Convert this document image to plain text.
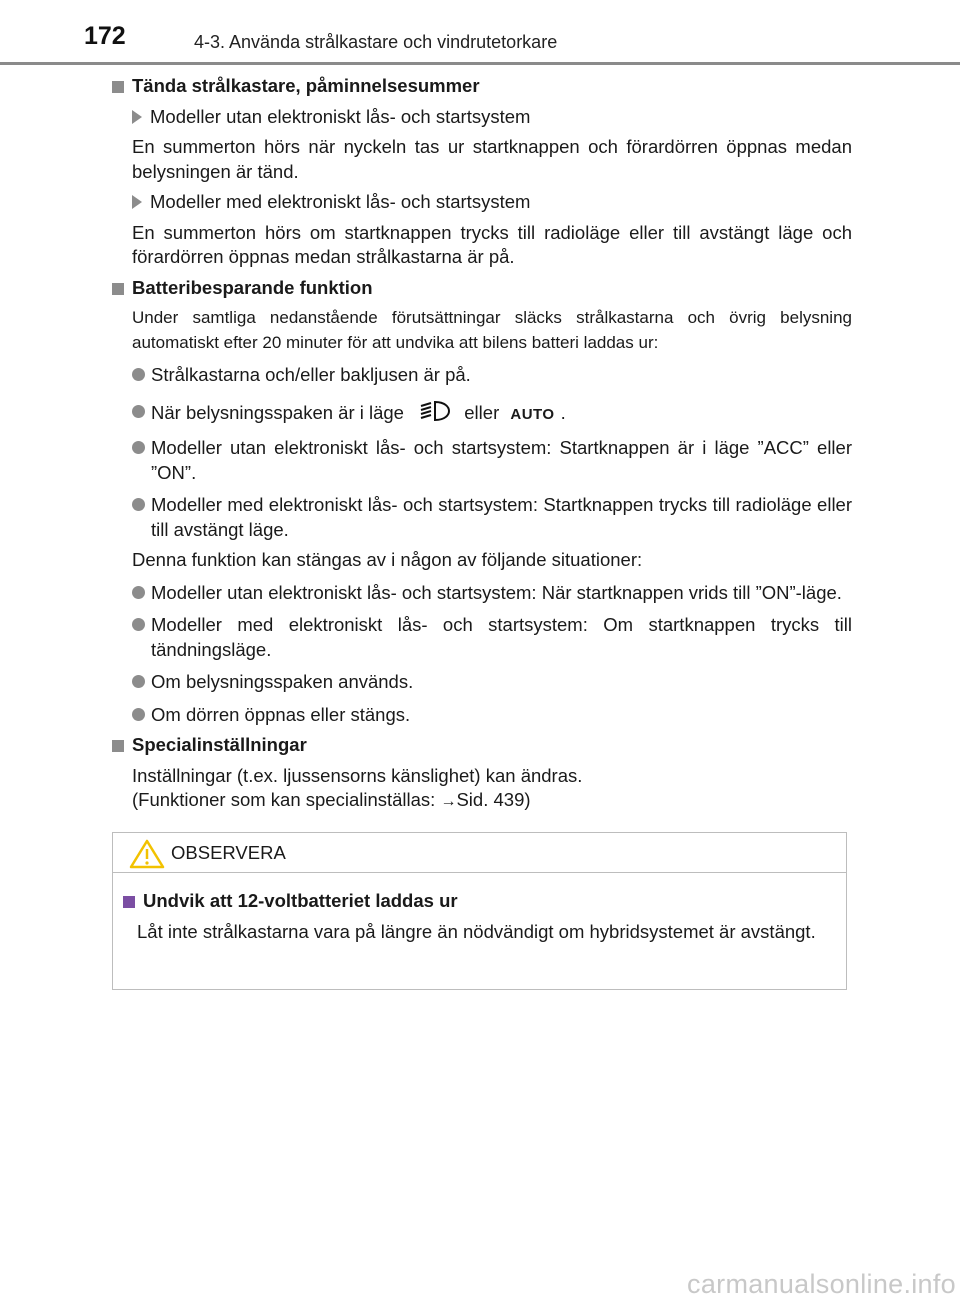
172	4-3. Använda strålkastare och vindrutetorkare
Tända strålkastare, påminnelsesummer
Modeller utan elektroniskt lås- och startsystem

En summerton hörs när nyckeln tas ur startknappen och förardörren öppnas medan belysningen är tänd.

Modeller med elektroniskt lås- och startsystem

En summerton hörs om startknappen trycks till radioläge eller till avstängt läge och förardörren öppnas medan strålkastarna är på.

Batteribesparande funktion

Under samtliga nedanstående förutsättningar släcks strålkastarna och övrig belysning automatiskt efter 20 minuter för att undvika att bilens batteri laddas ur:

Strålkastarna och/eller bakljusen är på.
När belysningsspaken är i läge	eller AUTO .
Modeller utan elektroniskt lås- och startsystem: Startknappen är i läge ”ACC” eller ”ON”.
Modeller med elektroniskt lås- och startsystem: Startknappen trycks till radioläge eller till avstängt läge.

Denna funktion kan stängas av i någon av följande situationer:

Modeller utan elektroniskt lås- och startsystem: När startknappen vrids till ”ON”-läge.
Modeller med elektroniskt lås- och startsystem: Om startknappen trycks till tändningsläge.
Om belysningsspaken används.
Om dörren öppnas eller stängs.
Specialinställningar

Inställningar (t.ex. ljussensorns känslighet) kan ändras.
(Funktioner som kan specialinställas: →Sid. 439)

OBSERVERA
Undvik att 12-voltbatteriet laddas ur

Låt inte strålkastarna vara på längre än nödvändigt om hybridsystemet är avstängt.

carmanualsonline.info
